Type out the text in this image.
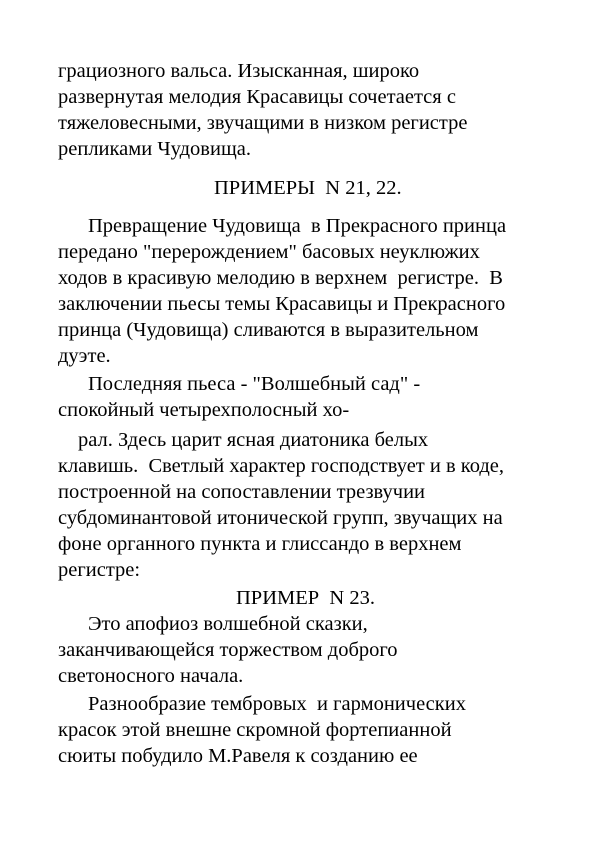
грациозного вальса. Изысканная, широко
развернутая мелодия Красавицы сочетается с
тяжеловесными, звучащими в низком регистре
репликами Чудовища.
ПРИМЕРЫ  N 21, 22.
Превращение Чудовища  в Прекрасного принца
передано "перерождением" басовых неуклюжих
ходов в красивую мелодию в верхнем  регистре.  В
заключении пьесы темы Красавицы и Прекрасного
принца (Чудовища) сливаются в выразительном
дуэте.
Последняя пьеса - "Волшебный сад" -
спокойный четырехполосный хо-
рал. Здесь царит ясная диатоника белых
клавишь.  Светлый характер господствует и в коде,
построенной на сопоставлении трезвучии
субдоминантовой итонической групп, звучащих на
фоне органного пункта и глиссандо в верхнем
регистре:
ПРИМЕР  N 23.
Это апофиоз волшебной сказки,
заканчивающейся торжеством доброго
светоносного начала.
Разнообразие тембровых  и гармонических
красок этой внешне скромной фортепианной
сюиты побудило М.Равеля к созданию ее
